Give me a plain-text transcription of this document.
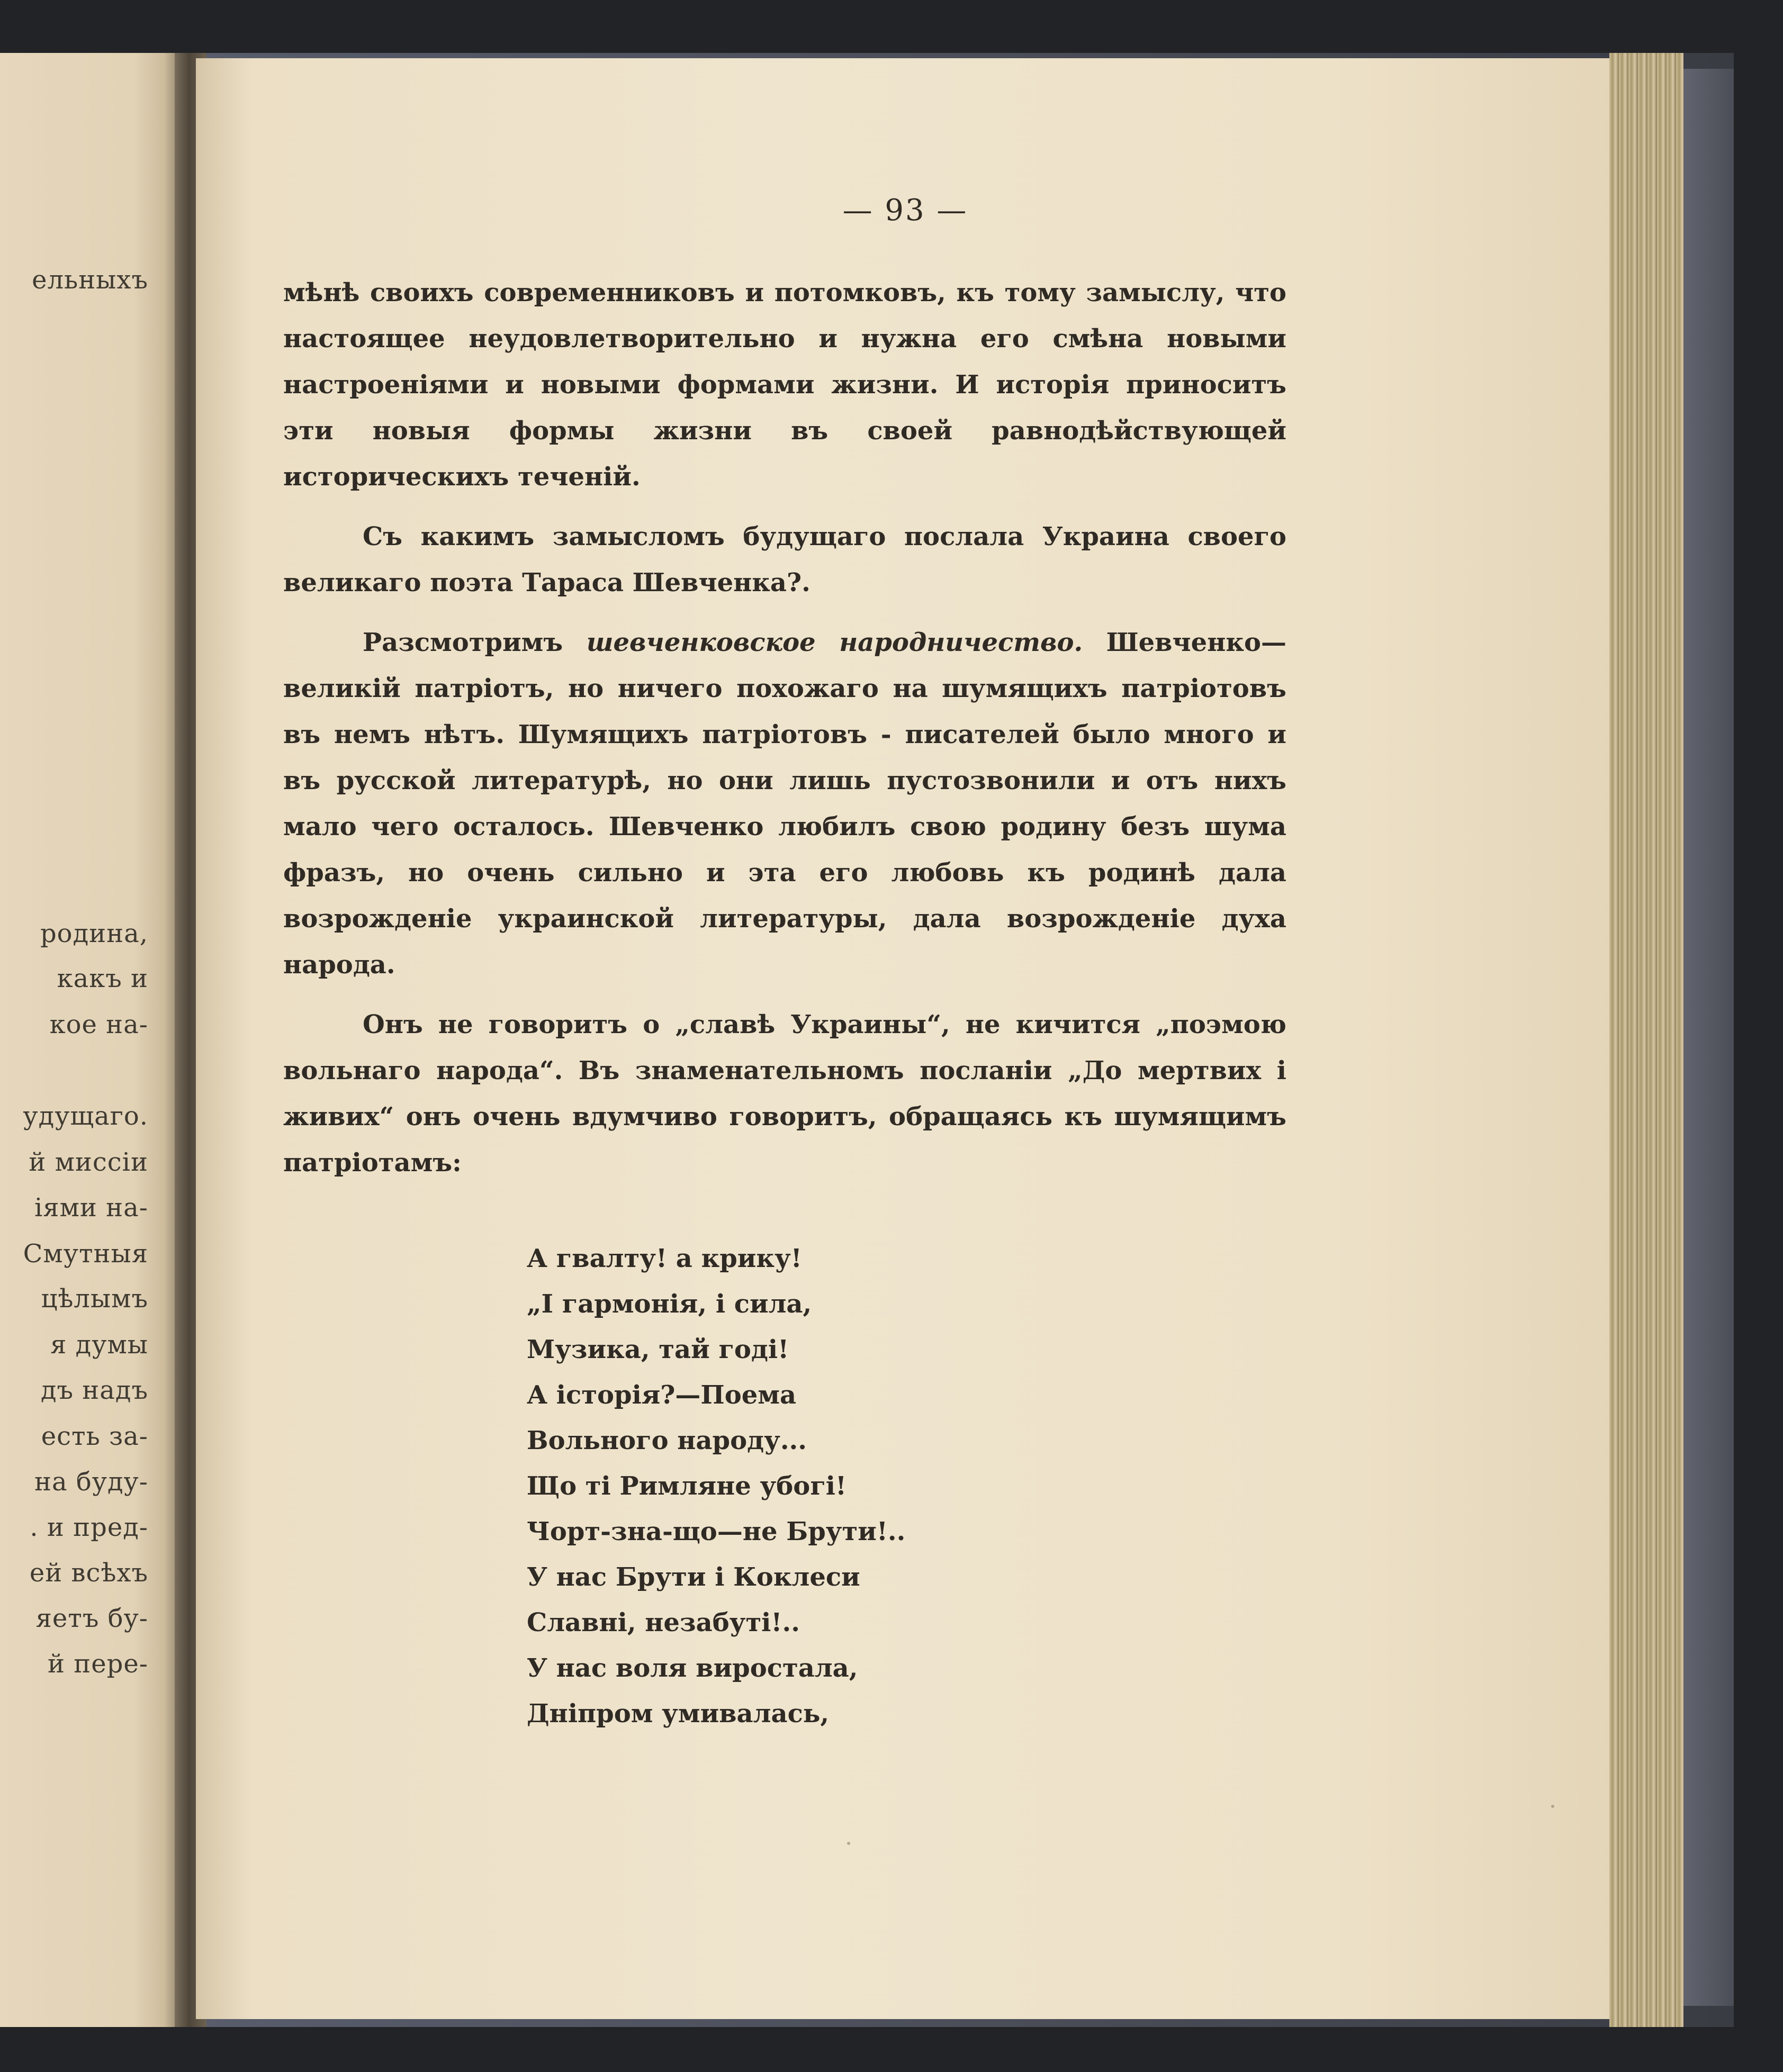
ельныхъ
родина,
какъ и
кое на-
удущаго.
й миссіи
іями на-
Смутныя
цѣлымъ
я думы
дъ надъ
есть за-
на буду-
. и пред-
ей всѣхъ
яетъ бу-
й пере-
— 93 —

мѣнѣ своихъ современниковъ и потомковъ, къ тому замыслу, что настоящее неудовлетворительно и нужна его смѣна новыми настроеніями и новыми формами жизни. И исторія приноситъ эти новыя формы жизни въ своей равнодѣйствующей историческихъ теченій.

Съ какимъ замысломъ будущаго послала Украина своего великаго поэта Тараса Шевченка?.

Разсмотримъ шевченковское народничество. Шевченко— великій патріотъ, но ничего похожаго на шумящихъ патріотовъ въ немъ нѣтъ. Шумящихъ патріотовъ - писателей было много и въ русской литературѣ, но они лишь пустозвонили и отъ нихъ мало чего осталось. Шевченко любилъ свою родину безъ шума фразъ, но очень сильно и эта его любовь къ родинѣ дала возрожденіе украинской литературы, дала возрожденіе духа народа.

Онъ не говоритъ о „славѣ Украины“, не кичится „поэмою вольнаго народа“. Въ знаменательномъ посланіи „До мертвих і живих“ онъ очень вдумчиво говоритъ, обращаясь къ шумящимъ патріотамъ:

А гвалту! а крику!
„І гармонія, і сила,
Музика, тай годі!
А історія?—Поема
Вольного народу...
Що ті Римляне убогі!
Чорт-зна-що—не Брути!..
У нас Брути і Коклеси
Славні, незабуті!..
У нас воля виростала,
Дніпром умивалась,
